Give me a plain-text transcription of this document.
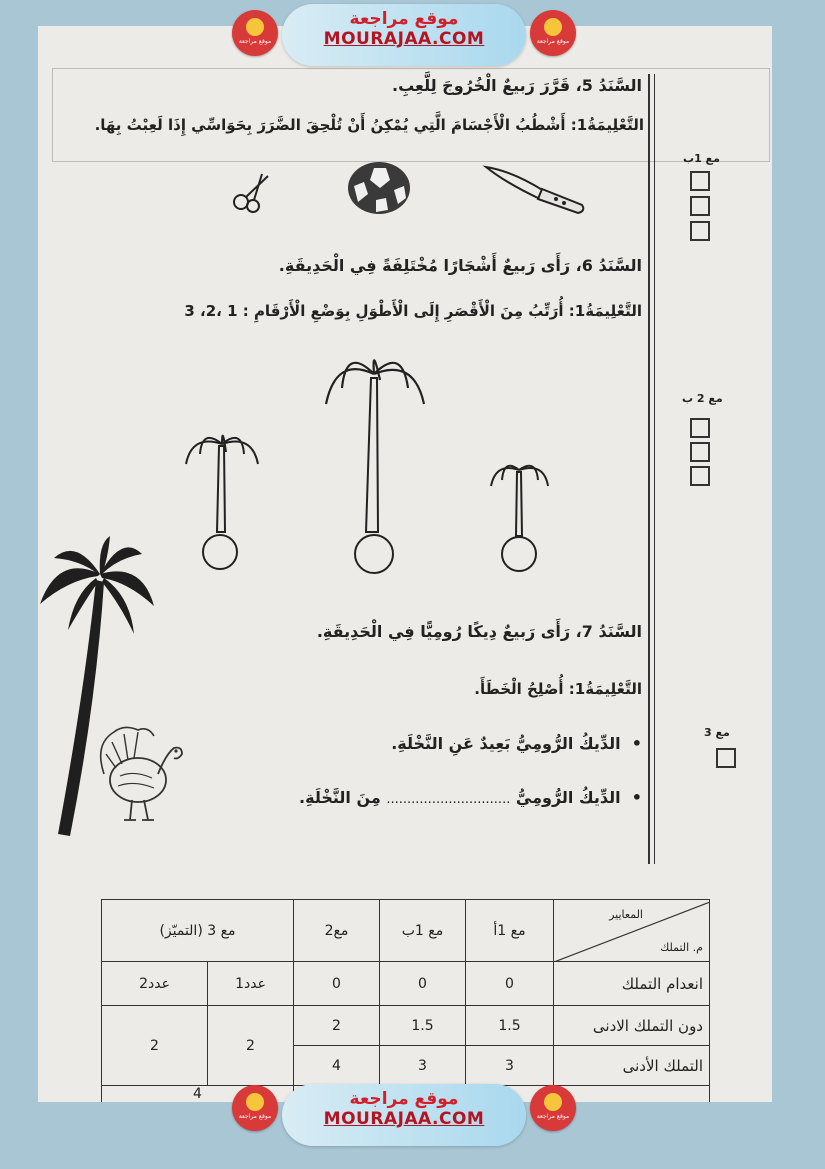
موقع مراجعة
موقع مراجعة
MOURAJAA.COM	موقع مراجعة
موقع مراجعة
موقع مراجعة
MOURAJAA.COM	موقع مراجعة
السَّنَدُ 5، قَرَّرَ رَبيعٌ الْخُرُوجَ لِلَّعِبِ.
التَّعْلِيمَةُ1: أَشْطُبُ الْأَجْسَامَ الَّتِي يُمْكِنُ أَنْ تُلْحِقَ الضَّرَرَ بِحَوَاسِّي إِذَا لَعِبْتُ بِهَا.
مع 1ب
السَّنَدُ 6، رَأَى رَبيعٌ أَشْجَارًا مُخْتَلِفَةً فِي الْحَدِيقَةِ.
التَّعْلِيمَةُ1: أُرَتِّبُ مِنَ الْأَقْصَرِ إِلَى الْأَطْوَلِ بِوَضْعِ الْأَرْقَامِ : 1 ،2، 3
مع 2 ب
السَّنَدُ 7، رَأَى رَبيعٌ دِيكًا رُومِيًّا فِي الْحَدِيقَةِ.
التَّعْلِيمَةُ1: أُصْلِحُ الْخَطَأَ.
•  الدِّيكُ الرُّومِيُّ بَعِيدٌ عَنِ النَّخْلَةِ.
•  الدِّيكُ الرُّومِيُّ .............................. مِنَ النَّخْلَةِ.
مع 3
المعايير
م. التملك	مع 1أ	مع 1ب	مع2	مع 3 (التميّز)	
انعدام التملك	0	0	0	عدد1	عدد2
دون التملك الادنى	1.5	1.5	2	2	2
التملك الأدنى	3	3	4		
				4	
